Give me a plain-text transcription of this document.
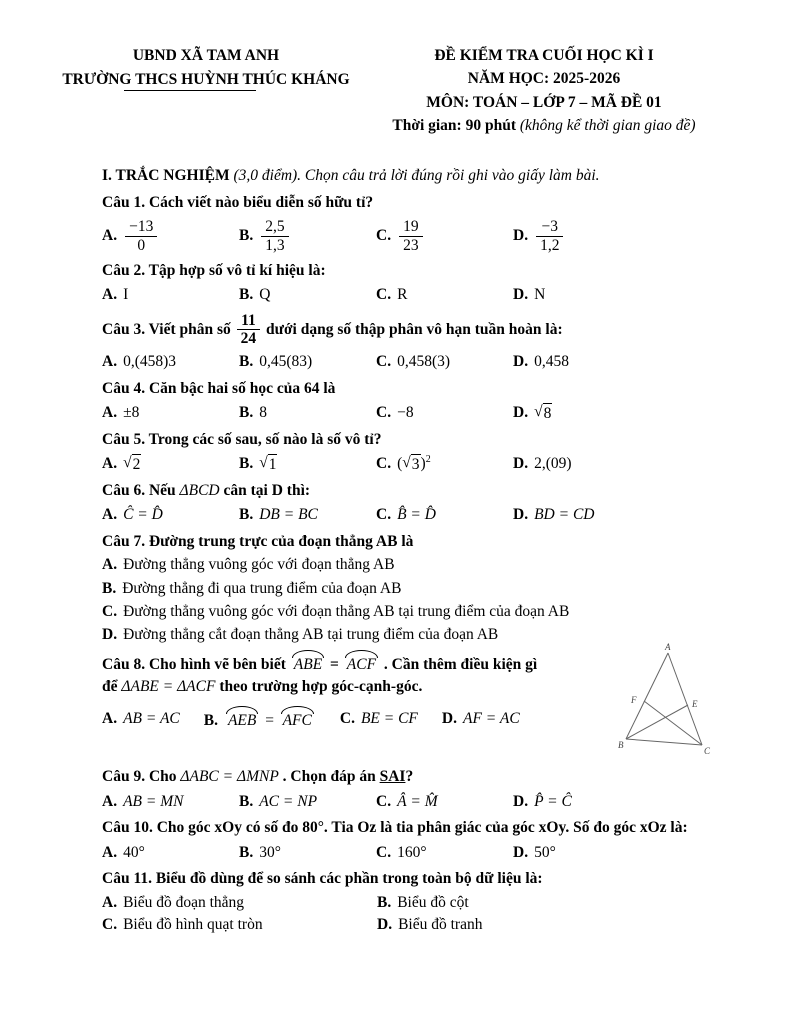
UBND XÃ TAM ANH
TRƯỜNG THCS HUỲNH THÚC KHÁNG
ĐỀ KIỂM TRA CUỐI HỌC KÌ I
NĂM HỌC: 2025-2026
MÔN: TOÁN – LỚP 7 – MÃ ĐỀ 01
Thời gian: 90 phút (không kể thời gian giao đề)
I. TRẮC NGHIỆM (3,0 điểm). Chọn câu trả lời đúng rồi ghi vào giấy làm bài.
Câu 1. Cách viết nào biểu diễn số hữu tỉ?
A. $\frac{-13}{0}$	B. $\frac{2,5}{1,3}$	C. $\frac{19}{23}$	D. $\frac{-3}{1,2}$
Câu 2. Tập hợp số vô tỉ kí hiệu là:
A. I	B. Q	C. R	D. N
Câu 3. Viết phân số $\frac{11}{24}$ dưới dạng số thập phân vô hạn tuần hoàn là:
A. 0,(458)3	B. 0,45(83)	C. 0,458(3)	D. 0,458
Câu 4. Căn bậc hai số học của 64 là
A. ±8	B. 8	C. −8	D. √ 8
Câu 5. Trong các số sau, số nào là số vô tỉ?
A. √ 2	B. √ 1	C. ( √ 3 )$^2$	D. 2,(09)
Câu 6. Nếu ΔBCD cân tại D thì:
A. Ĉ = D̂	B. DB = BC	C. B̂ = D̂	D. BD = CD
Câu 7. Đường trung trực của đoạn thẳng AB là
A. Đường thẳng vuông góc với đoạn thẳng AB
B. Đường thẳng đi qua trung điểm của đoạn AB
C. Đường thẳng vuông góc với đoạn thẳng AB tại trung điểm của đoạn AB
D. Đường thẳng cắt đoạn thẳng AB tại trung điểm của đoạn AB
Câu 8. Cho hình vẽ bên biết ABE = ACF . Cần thêm điều kiện gì
để ΔABE = ΔACF theo trường hợp góc-cạnh-góc.
A. AB = AC B. AEB = AFC C. BE = CF D. AF = AC
A
B
C
E
F
Câu 9. Cho ΔABC = ΔMNP . Chọn đáp án SAI?
A. AB = MN	B. AC = NP	C. Â = M̂	D. P̂ = Ĉ
Câu 10. Cho góc xOy có số đo 80°. Tia Oz là tia phân giác của góc xOy. Số đo góc xOz là:
A. 40°	B. 30°	C. 160°	D. 50°
Câu 11. Biểu đồ dùng để so sánh các phần trong toàn bộ dữ liệu là:
A. Biểu đồ đoạn thẳng	B. Biểu đồ cột
C. Biểu đồ hình quạt tròn	D. Biểu đồ tranh
